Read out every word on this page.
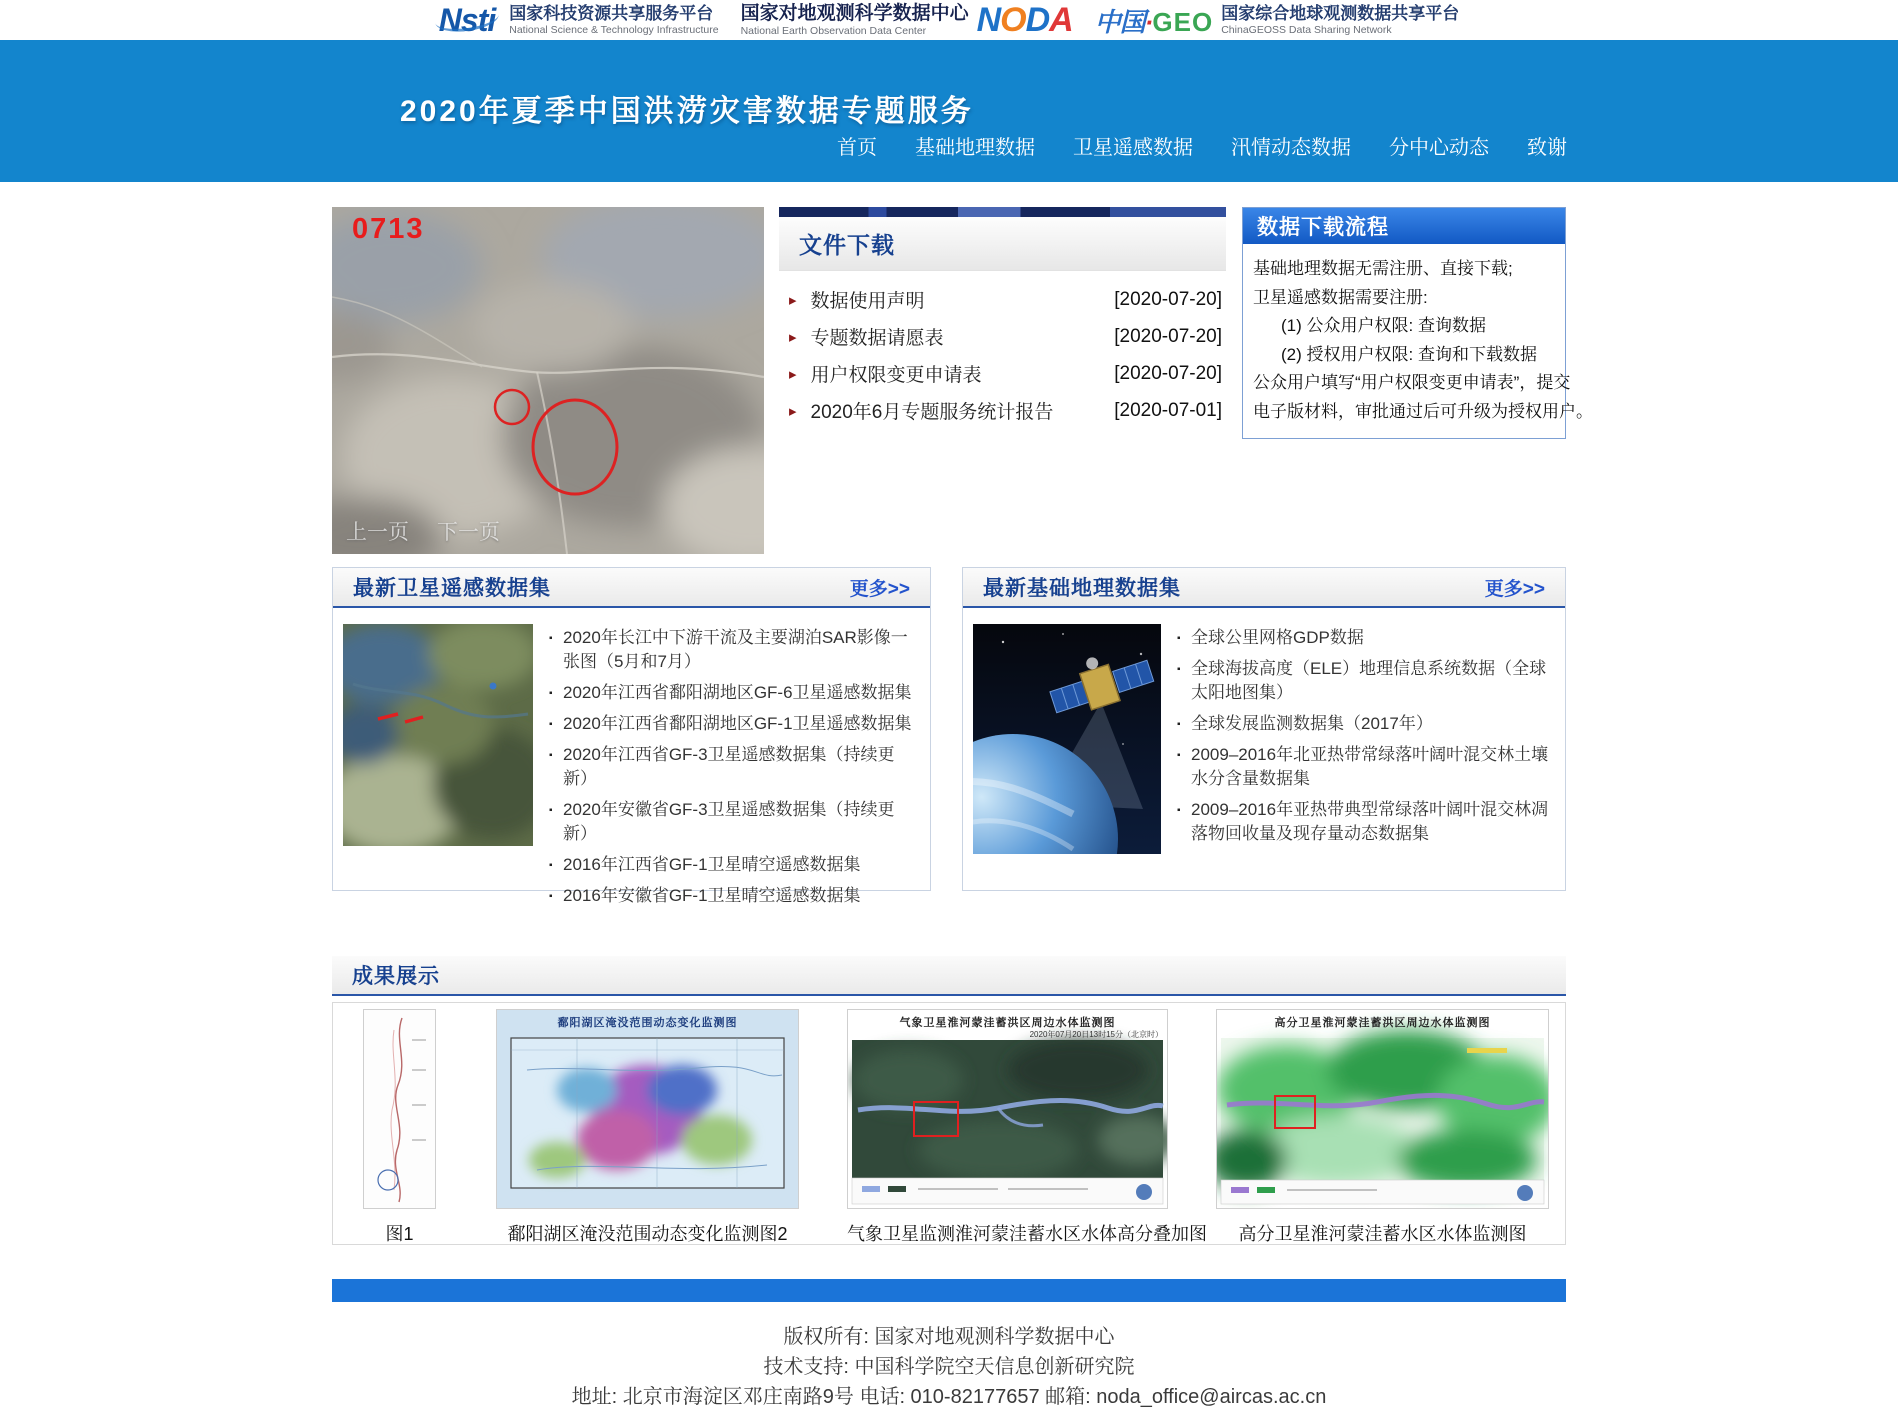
Nsti 国家科技资源共享服务平台
National Science & Technology Infrastructure
国家对地观测科学数据中心
National Earth Observation Data Center NODA 中国·GEO 国家综合地球观测数据共享平台
ChinaGEOSS Data Sharing Network
2020年夏季中国洪涝灾害数据专题服务
首页 基础地理数据 卫星遥感数据 汛情动态数据 分中心动态 致谢
0713
上一页 下一页
文件下载
▸ 数据使用声明	[2020-07-20]
▸ 专题数据请愿表	[2020-07-20]
▸ 用户权限变更申请表	[2020-07-20]
▸ 2020年6月专题服务统计报告	[2020-07-01]
数据下载流程
基础地理数据无需注册、直接下载;
卫星遥感数据需要注册:
(1) 公众用户权限: 查询数据
(2) 授权用户权限: 查询和下载数据
公众用户填写“用户权限变更申请表”，提交
电子版材料，审批通过后可升级为授权用户。
最新卫星遥感数据集	更多>>
▪ 2020年长江中下游干流及主要湖泊SAR影像一张图（5月和7月）
▪ 2020年江西省鄱阳湖地区GF-6卫星遥感数据集
▪ 2020年江西省鄱阳湖地区GF-1卫星遥感数据集
▪ 2020年江西省GF-3卫星遥感数据集（持续更新）
▪ 2020年安徽省GF-3卫星遥感数据集（持续更新）
▪ 2016年江西省GF-1卫星晴空遥感数据集
▪ 2016年安徽省GF-1卫星晴空遥感数据集
最新基础地理数据集	更多>>
▪ 全球公里网格GDP数据
▪ 全球海拔高度（ELE）地理信息系统数据（全球太阳地图集）
▪ 全球发展监测数据集（2017年）
▪ 2009–2016年北亚热带常绿落叶阔叶混交林土壤水分含量数据集
▪ 2009–2016年亚热带典型常绿落叶阔叶混交林凋落物回收量及现存量动态数据集
成果展示
图1
鄱阳湖区淹没范围动态变化监测图
鄱阳湖区淹没范围动态变化监测图2
气象卫星淮河蒙洼蓄洪区周边水体监测图
2020年07月20日13时15分（北京时）
气象卫星监测淮河蒙洼蓄水区水体高分叠加图
高分卫星淮河蒙洼蓄洪区周边水体监测图
高分卫星淮河蒙洼蓄水区水体监测图
版权所有: 国家对地观测科学数据中心
技术支持: 中国科学院空天信息创新研究院
地址: 北京市海淀区邓庄南路9号 电话: 010-82177657 邮箱: noda_office@aircas.ac.cn
